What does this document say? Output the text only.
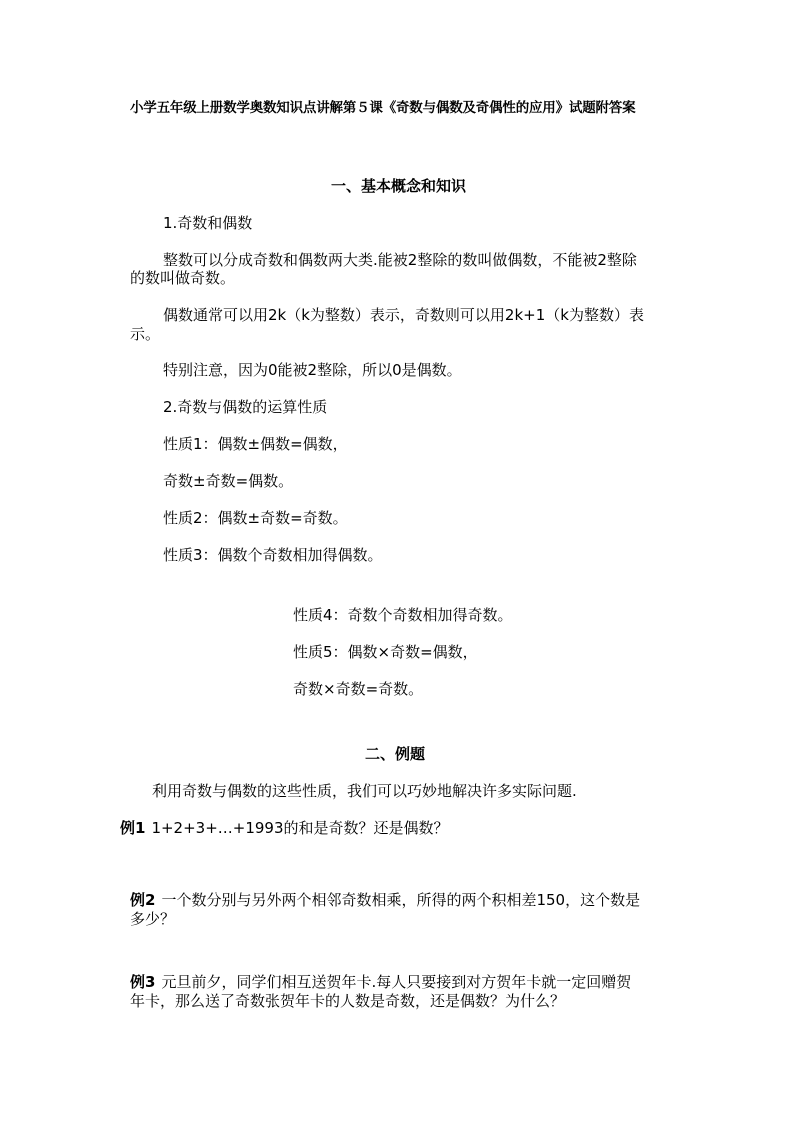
小学五年级上册数学奥数知识点讲解第５课《奇数与偶数及奇偶性的应用》试题附答案
一、基本概念和知识
1.奇数和偶数
整数可以分成奇数和偶数两大类.能被2整除的数叫做偶数，不能被2整除
的数叫做奇数。
偶数通常可以用2k（k为整数）表示，奇数则可以用2k+1（k为整数）表
示。
特别注意，因为0能被2整除，所以0是偶数。
2.奇数与偶数的运算性质
性质1：偶数±偶数=偶数，
奇数±奇数=偶数。
性质2：偶数±奇数=奇数。
性质3：偶数个奇数相加得偶数。
性质4：奇数个奇数相加得奇数。
性质5：偶数×奇数=偶数，
奇数×奇数=奇数。
二、例题
利用奇数与偶数的这些性质，我们可以巧妙地解决许多实际问题.
例1 1+2+3+…+1993的和是奇数？还是偶数？
例2 一个数分别与另外两个相邻奇数相乘，所得的两个积相差150，这个数是
多少？
例3 元旦前夕，同学们相互送贺年卡.每人只要接到对方贺年卡就一定回赠贺
年卡，那么送了奇数张贺年卡的人数是奇数，还是偶数？为什么？
